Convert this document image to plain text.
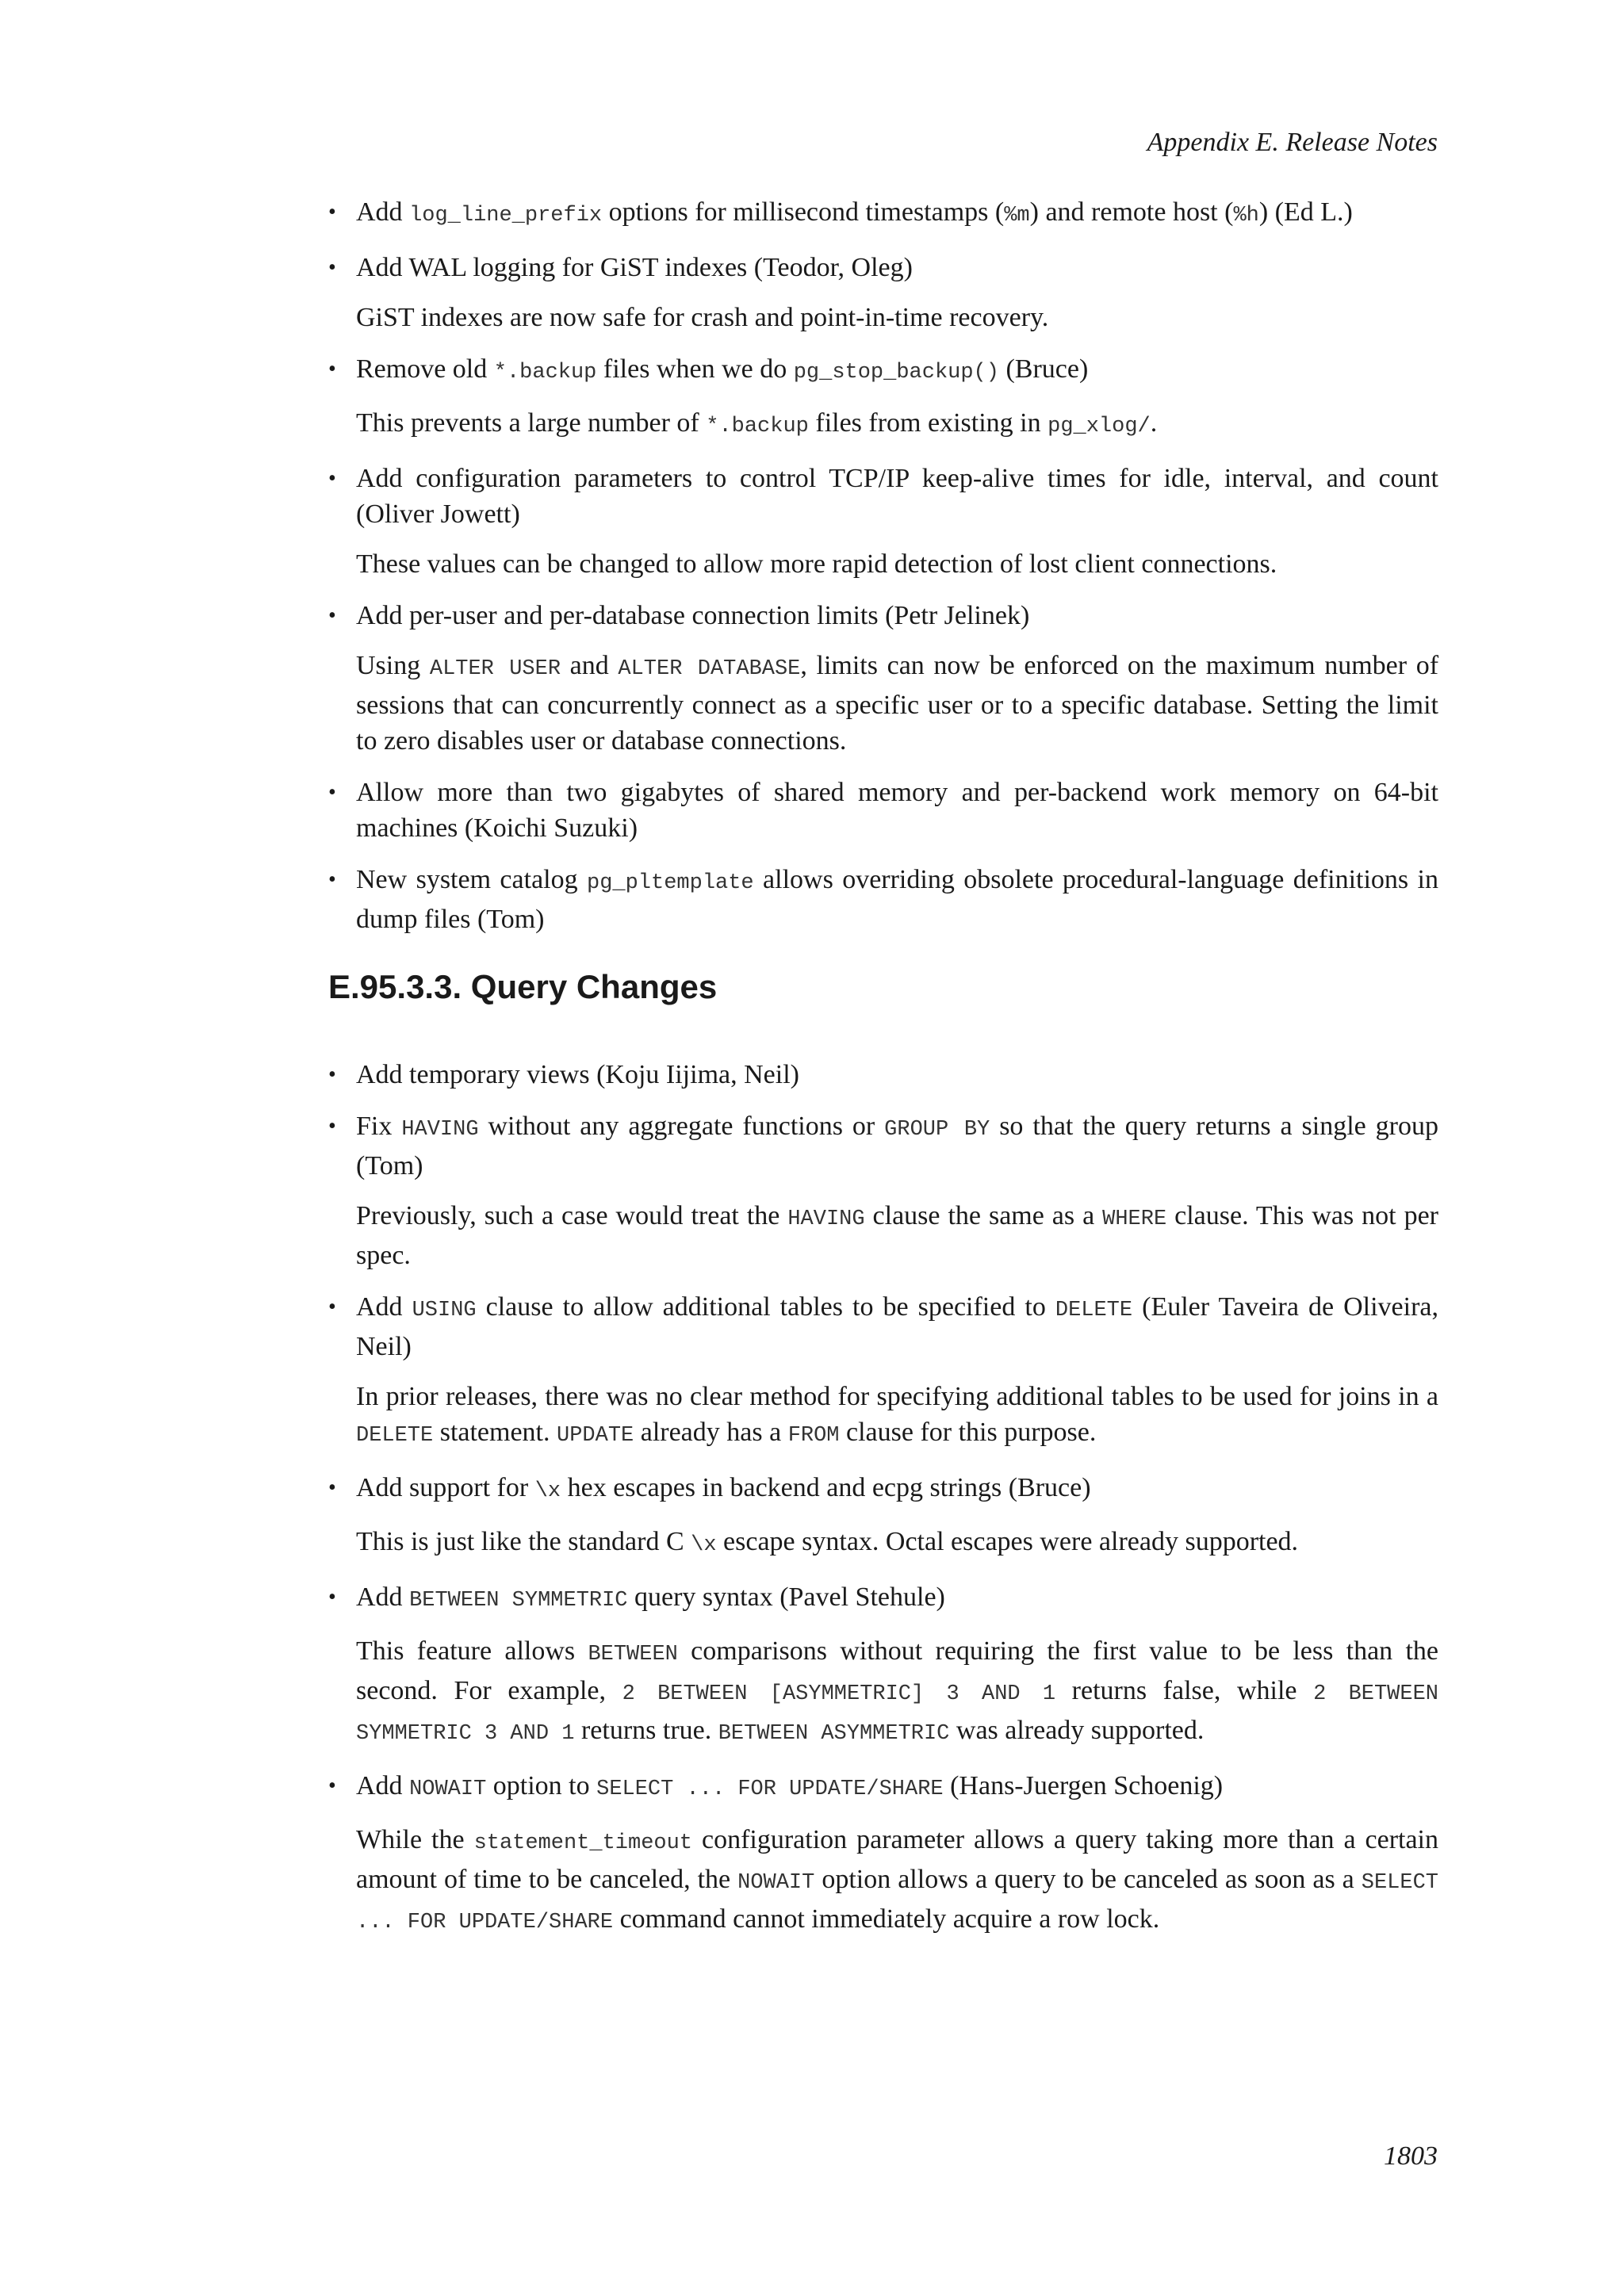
Appendix E. Release Notes

• Add log_line_prefix options for millisecond timestamps (%m) and remote host (%h) (Ed L.)

• Add WAL logging for GiST indexes (Teodor, Oleg)

GiST indexes are now safe for crash and point-in-time recovery.

• Remove old *.backup files when we do pg_stop_backup() (Bruce)

This prevents a large number of *.backup files from existing in pg_xlog/.

• Add configuration parameters to control TCP/IP keep-alive times for idle, interval, and count (Oliver Jowett)

These values can be changed to allow more rapid detection of lost client connections.

• Add per-user and per-database connection limits (Petr Jelinek)

Using ALTER USER and ALTER DATABASE, limits can now be enforced on the maximum number of sessions that can concurrently connect as a specific user or to a specific database. Setting the limit to zero disables user or database connections.

• Allow more than two gigabytes of shared memory and per-backend work memory on 64-bit machines (Koichi Suzuki)

• New system catalog pg_pltemplate allows overriding obsolete procedural-language definitions in dump files (Tom)

E.95.3.3. Query Changes

• Add temporary views (Koju Iijima, Neil)

• Fix HAVING without any aggregate functions or GROUP BY so that the query returns a single group (Tom)

Previously, such a case would treat the HAVING clause the same as a WHERE clause. This was not per spec.

• Add USING clause to allow additional tables to be specified to DELETE (Euler Taveira de Oliveira, Neil)

In prior releases, there was no clear method for specifying additional tables to be used for joins in a DELETE statement. UPDATE already has a FROM clause for this purpose.

• Add support for \x hex escapes in backend and ecpg strings (Bruce)

This is just like the standard C \x escape syntax. Octal escapes were already supported.

• Add BETWEEN SYMMETRIC query syntax (Pavel Stehule)

This feature allows BETWEEN comparisons without requiring the first value to be less than the second. For example, 2 BETWEEN [ASYMMETRIC] 3 AND 1 returns false, while 2 BETWEEN SYMMETRIC 3 AND 1 returns true. BETWEEN ASYMMETRIC was already supported.

• Add NOWAIT option to SELECT ... FOR UPDATE/SHARE (Hans-Juergen Schoenig)

While the statement_timeout configuration parameter allows a query taking more than a certain amount of time to be canceled, the NOWAIT option allows a query to be canceled as soon as a SELECT ... FOR UPDATE/SHARE command cannot immediately acquire a row lock.

1803
